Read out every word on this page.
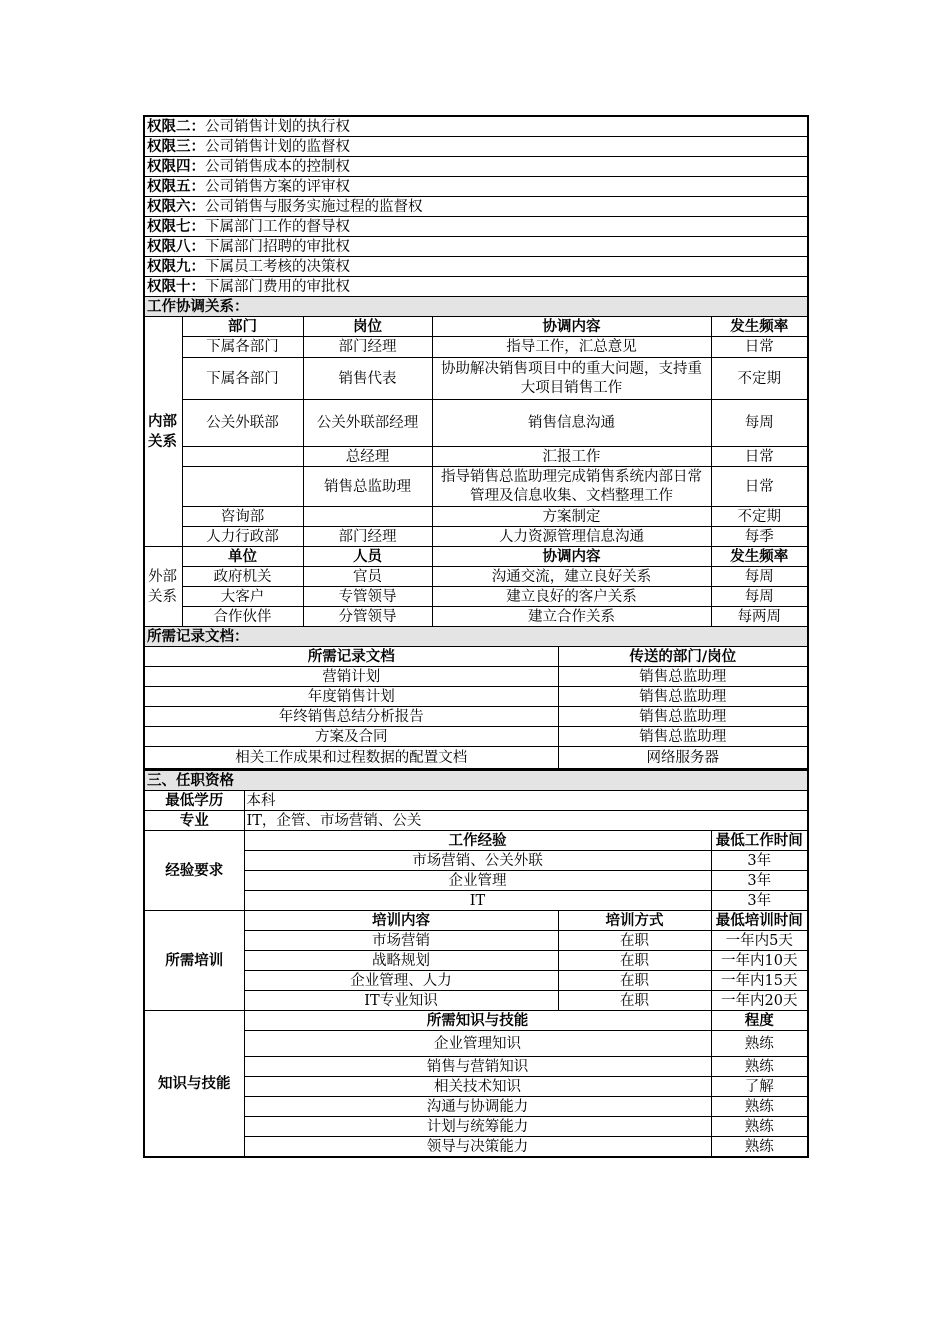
权限二：公司销售计划的执行权						
权限三：公司销售计划的监督权						
权限四：公司销售成本的控制权						
权限五：公司销售方案的评审权						
权限六：公司销售与服务实施过程的监督权						
权限七：下属部门工作的督导权						
权限八：下属部门招聘的审批权						
权限九：下属员工考核的决策权						
权限十：下属部门费用的审批权						
工作协调关系：						
内部关系	部门		岗位	协调内容		发生频率
	下属各部门		部门经理	指导工作，汇总意见		日常
	下属各部门		销售代表	协助解决销售项目中的重大问题，支持重大项目销售工作		不定期
	公关外联部		公关外联部经理	销售信息沟通		每周
			总经理	汇报工作		日常
			销售总监助理	指导销售总监助理完成销售系统内部日常管理及信息收集、文档整理工作		日常
	咨询部			方案制定		不定期
	人力行政部		部门经理	人力资源管理信息沟通		每季
外部关系	单位		人员	协调内容		发生频率
	政府机关		官员	沟通交流，建立良好关系		每周
	大客户		专管领导	建立良好的客户关系		每周
	合作伙伴		分管领导	建立合作关系		每两周
所需记录文档：						
所需记录文档					传送的部门/岗位	
营销计划					销售总监助理	
年度销售计划					销售总监助理	
年终销售总结分析报告					销售总监助理	
方案及合同					销售总监助理	
相关工作成果和过程数据的配置文档					网络服务器	
三、任职资格						
最低学历		本科				
专业		IT，企管、市场营销、公关				
经验要求		工作经验				最低工作时间
		市场营销、公关外联				3年
		企业管理				3年
		IT				3年
所需培训		培训内容			培训方式	最低培训时间
		市场营销			在职	一年内5天
		战略规划			在职	一年内10天
		企业管理、人力			在职	一年内15天
		IT专业知识			在职	一年内20天
知识与技能		所需知识与技能				程度
		企业管理知识				熟练
		销售与营销知识				熟练
		相关技术知识				了解
		沟通与协调能力				熟练
		计划与统筹能力				熟练
		领导与决策能力				熟练
